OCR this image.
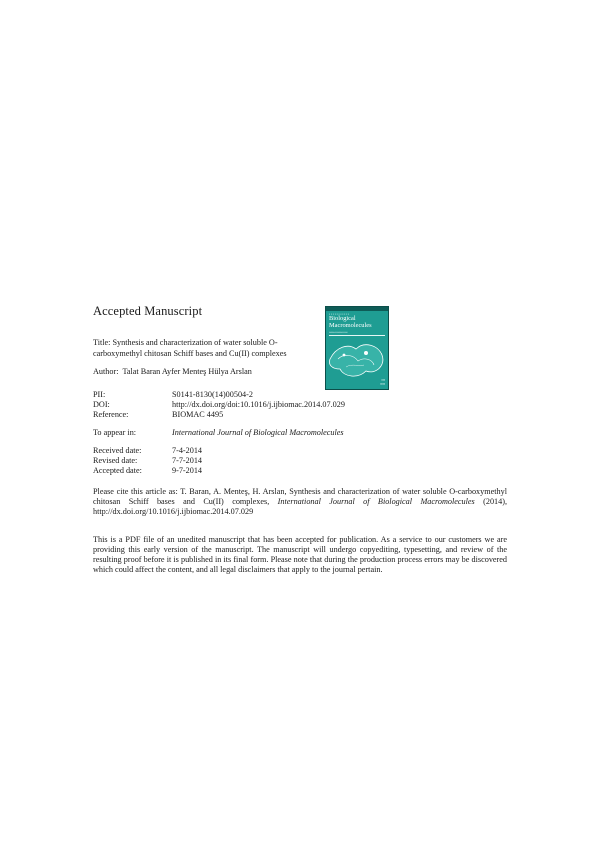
Accepted Manuscript
Title: Synthesis and characterization of water soluble O-carboxymethyl chitosan Schiff bases and Cu(II) complexes
Author: Talat Baran Ayfer Menteş Hülya Arslan
PII:	S0141-8130(14)00504-2
DOI:	http://dx.doi.org/doi:10.1016/j.ijbiomac.2014.07.029
Reference:	BIOMAC 4495
To appear in:	International Journal of Biological Macromolecules
Received date:	7-4-2014
Revised date:	7-7-2014
Accepted date:	9-7-2014
Please cite this article as: T. Baran, A. Menteş, H. Arslan, Synthesis and characterization of water soluble O-carboxymethyl chitosan Schiff bases and Cu(II) complexes, International Journal of Biological Macromolecules (2014), http://dx.doi.org/10.1016/j.ijbiomac.2014.07.029
This is a PDF file of an unedited manuscript that has been accepted for publication. As a service to our customers we are providing this early version of the manuscript. The manuscript will undergo copyediting, typesetting, and review of the resulting proof before it is published in its final form. Please note that during the production process errors may be discovered which could affect the content, and all legal disclaimers that apply to the journal pertain.
▪ ▪ ▪ ▪ ▪ ▪ ▪ ▪ ▪ ▪ ▪
Biological
Macromolecules
▪▪▪▪▪▪▪▪▪▪▪▪▪▪▪▪▪▪▪▪▪
▪▪▪
▪▪▪▪
